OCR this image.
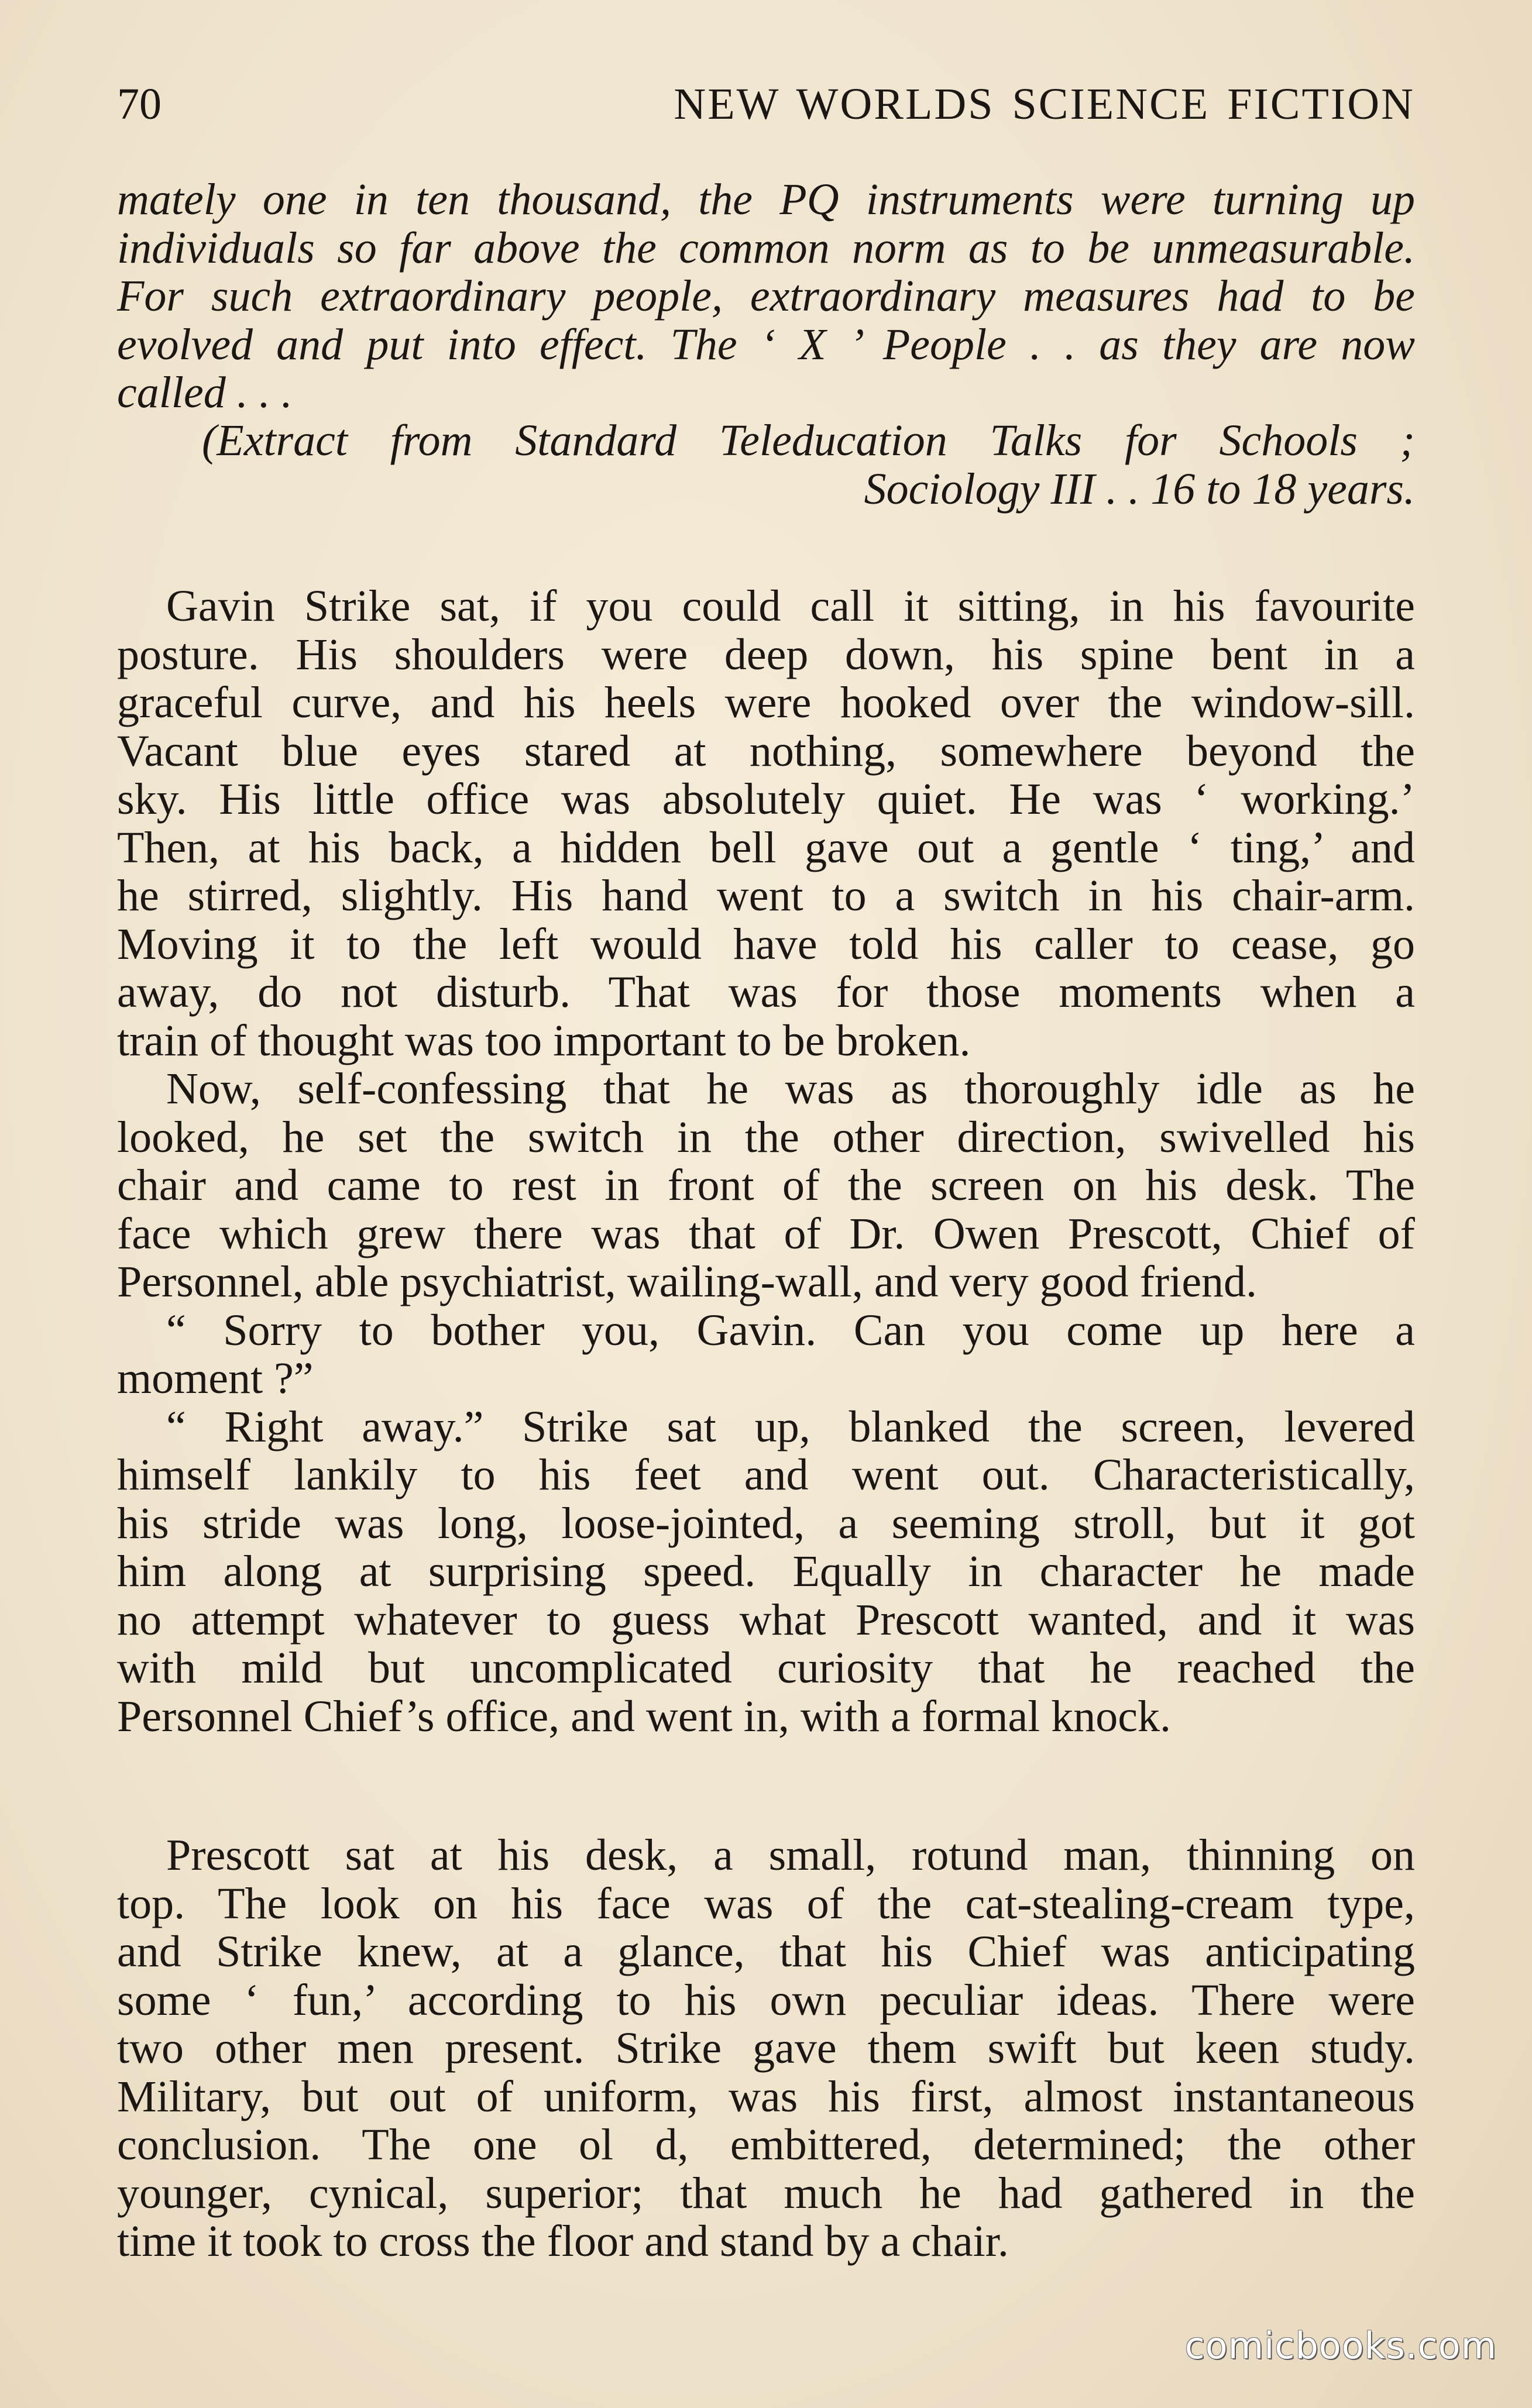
70	NEW WORLDS SCIENCE FICTION
mately one in ten thousand, the PQ instruments were turning up
individuals so far above the common norm as to be unmeasurable.
For such extraordinary people, extraordinary measures had to be
evolved and put into effect. The ‘ X ’ People . . as they are now
called . . .
(Extract from Standard Teleducation Talks for Schools ;
Sociology III . . 16 to 18 years.
Gavin Strike sat, if you could call it sitting, in his favourite
posture. His shoulders were deep down, his spine bent in a
graceful curve, and his heels were hooked over the window-sill.
Vacant blue eyes stared at nothing, somewhere beyond the
sky. His little office was absolutely quiet. He was ‘ working.’
Then, at his back, a hidden bell gave out a gentle ‘ ting,’ and
he stirred, slightly. His hand went to a switch in his chair-arm.
Moving it to the left would have told his caller to cease, go
away, do not disturb. That was for those moments when a
train of thought was too important to be broken.
Now, self-confessing that he was as thoroughly idle as he
looked, he set the switch in the other direction, swivelled his
chair and came to rest in front of the screen on his desk. The
face which grew there was that of Dr. Owen Prescott, Chief of
Personnel, able psychiatrist, wailing-wall, and very good friend.
“ Sorry to bother you, Gavin. Can you come up here a
moment ?”
“ Right away.” Strike sat up, blanked the screen, levered
himself lankily to his feet and went out. Characteristically,
his stride was long, loose-jointed, a seeming stroll, but it got
him along at surprising speed. Equally in character he made
no attempt whatever to guess what Prescott wanted, and it was
with mild but uncomplicated curiosity that he reached the
Personnel Chief’s office, and went in, with a formal knock.
Prescott sat at his desk, a small, rotund man, thinning on
top. The look on his face was of the cat-stealing-cream type,
and Strike knew, at a glance, that his Chief was anticipating
some ‘ fun,’ according to his own peculiar ideas. There were
two other men present. Strike gave them swift but keen study.
Military, but out of uniform, was his first, almost instantaneous
conclusion. The one ol d, embittered, determined; the other
younger, cynical, superior; that much he had gathered in the
time it took to cross the floor and stand by a chair.
comicbooks.com
